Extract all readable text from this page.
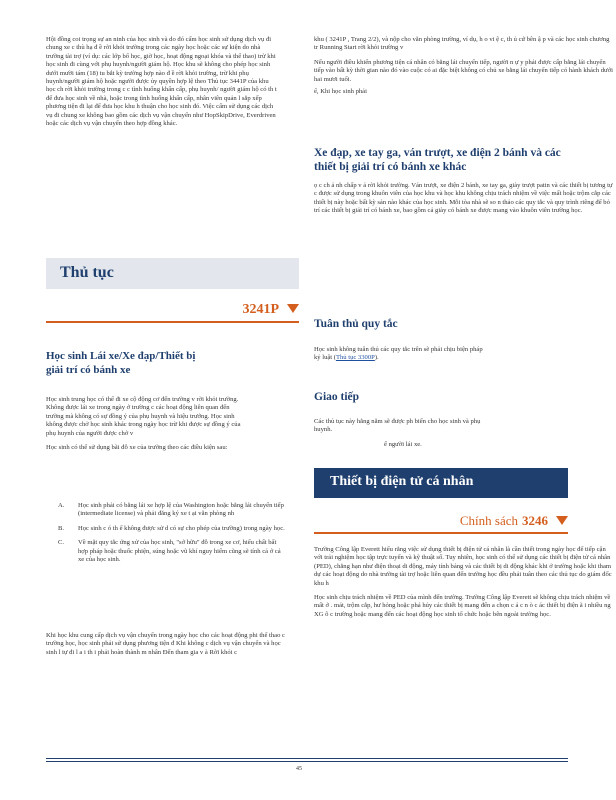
Hội đồng coi trọng sự an ninh của học sinh và do đó cấm học sinh sử dụng dịch vụ đi chung xe c thù hạ đ ề rời khỏi trường trong các ngày học hoặc các sự kiện do nhà trường tài trợ (ví dụ: các lớp bổ học, giờ học, hoạt động ngoại khóa và thể thao) trừ khi học sinh đi cùng với phụ huynh/người giám hộ. Học khu sẽ không cho phép học sinh dưới mười tám (18) tu bắt kỳ trường hợp nào đ ề rời khỏi trường, trừ khi phụ huynh/người giám hộ hoặc người được ủy quyền hợp lệ theo Thủ tục 3441P của khu học ch rời khỏi trường trong c c tình huống khẩn cấp, phụ huynh/ người giám hộ có th t để đưa học sinh về nhà, hoặc trong tình huống khẩn cấp, nhân viên quản l sắp xếp phương tiện đi lại để đưa học khu h thuận cho học sinh đó. Việc cấm sử dụng các dịch vụ đi chung xe không bao gồm các dịch vụ vận chuyển như HopSkipDrive, Everdriven hoặc các dịch vụ vận chuyển theo hợp đồng khác.

Thủ tục
3241P
Học sinh Lái xe/Xe đạp/Thiết bị giải trí có bánh xe

Học sinh trung học có thể đi xe cộ động cơ đến trường v rời khỏi trường. Không được lái xe trong ngày ở trường c các hoạt động liên quan đến trường mà không có sự đồng ý của phụ huynh và hiệu trưởng. Học sinh không được chở học sinh khác trong ngày học trừ khi được sự đồng ý của phụ huynh của người được chở v

Học sinh có thể sử dụng bãi đỗ xe của trường theo các điều kiện sau:

A.	Học sinh phải có bằng lái xe hợp lệ của Washington hoặc bằng lái chuyển tiếp (intermediate license) và phải đăng ký xe t ại văn phòng nh
B.	Học sinh c ó th ể không được sử d có sự cho phép của trường) trong ngày học.
C.	Về mặt quy tắc ứng xử của học sinh, "sở hữu" đỗ trong xe cơ, hiếu chất bất hợp pháp hoặc thuốc phiện, súng hoặc vũ khí nguy hiểm cũng sẽ tính cả ở cả xe của học sinh.

Khi học khu cung cấp dịch vụ vận chuyển trong ngày học cho các hoạt động phi thể thao c trường học, học sinh phải sử dụng phương tiện đ Khi không c dịch vụ vận chuyển và học sinh l tự đi l a i th i phải hoàn thành m nhân Đến tham gia v à Rời khỏi c

khu ( 3241P , Trang 2/2), và nộp cho văn phòng trường, ví dụ, h o vi ệ c, th ủ cứ bên ậ p và các học sinh chương tr Running Start rời khỏi trường v

Nếu người điều khiển phương tiện cá nhân có bằng lái chuyển tiếp, người n ự y phải được cấp bằng lái chuyển tiếp vào bất kỳ thời gian nào đó vào cuộc có ai đặc biệt không có chủ xe bằng lái chuyển tiếp có hành khách dưới hai mươi tuổi.

ể, Khi học sinh phải

Xe đạp, xe tay ga, ván trượt, xe điện 2 bánh và các thiết bị giải trí có bánh xe khác

ọ c ch ả nh chấp v ả rời khỏi trường. Ván trượt, xe điện 2 bánh, xe tay ga, giày trượt patin và các thiết bị tương tự c được sử dụng trong khuôn viên của học khu và học khu không chịu trách nhiệm về việc mất hoặc trộm cắp các thiết bị này hoặc bất kỳ sản nào khác của học sinh. Mỗi tòa nhà sẽ so n thảo các quy tắc và quy trình riêng để bỏ trí các thiết bị giải trí có bánh xe, bao gồm cả giày có bánh xe được mang vào khuôn viên trường học.

Tuân thủ quy tắc
Học sinh không tuân thủ các quy tắc trên sẽ phải chịu biện pháp kỷ luật (Thủ tục 3300P).
Giao tiếp

Các thủ tục này hằng năm sẽ được ph biến cho học sinh và phụ huynh.

ế người lái xe.

Thiết bị điện tử cá nhân
Chính sách 3246

Trường Công lập Everett hiểu rằng việc sử dụng thiết bị điện tử cá nhân là cần thiết trong ngày học để tiếp cận với trải nghiệm học tập trực tuyến và kỹ thuật số. Tuy nhiên, học sinh có thể sử dụng các thiết bị điện tử cá nhân (PED), chẳng hạn như điện thoại di động, máy tính bảng và các thiết bị di động khác khi ở trường hoặc khi tham dự các hoạt động do nhà trường tài trợ hoặc liên quan đến trường học đều phải tuân theo các thủ tục do giám đốc khu h

Học sinh chịu trách nhiệm về PED của mình đến trường. Trường Công lập Everett sẽ không chịu trách nhiệm về mất ở . mát, trộm cắp, hư hỏng hoặc phá hủy các thiết bị mang đến a chọn c ả c n ò c ác thiết bị điện ã i nhiều ng XG ô c trường hoặc mang đến các hoạt động học sinh tổ chức hoặc bên ngoài trường học.

45
